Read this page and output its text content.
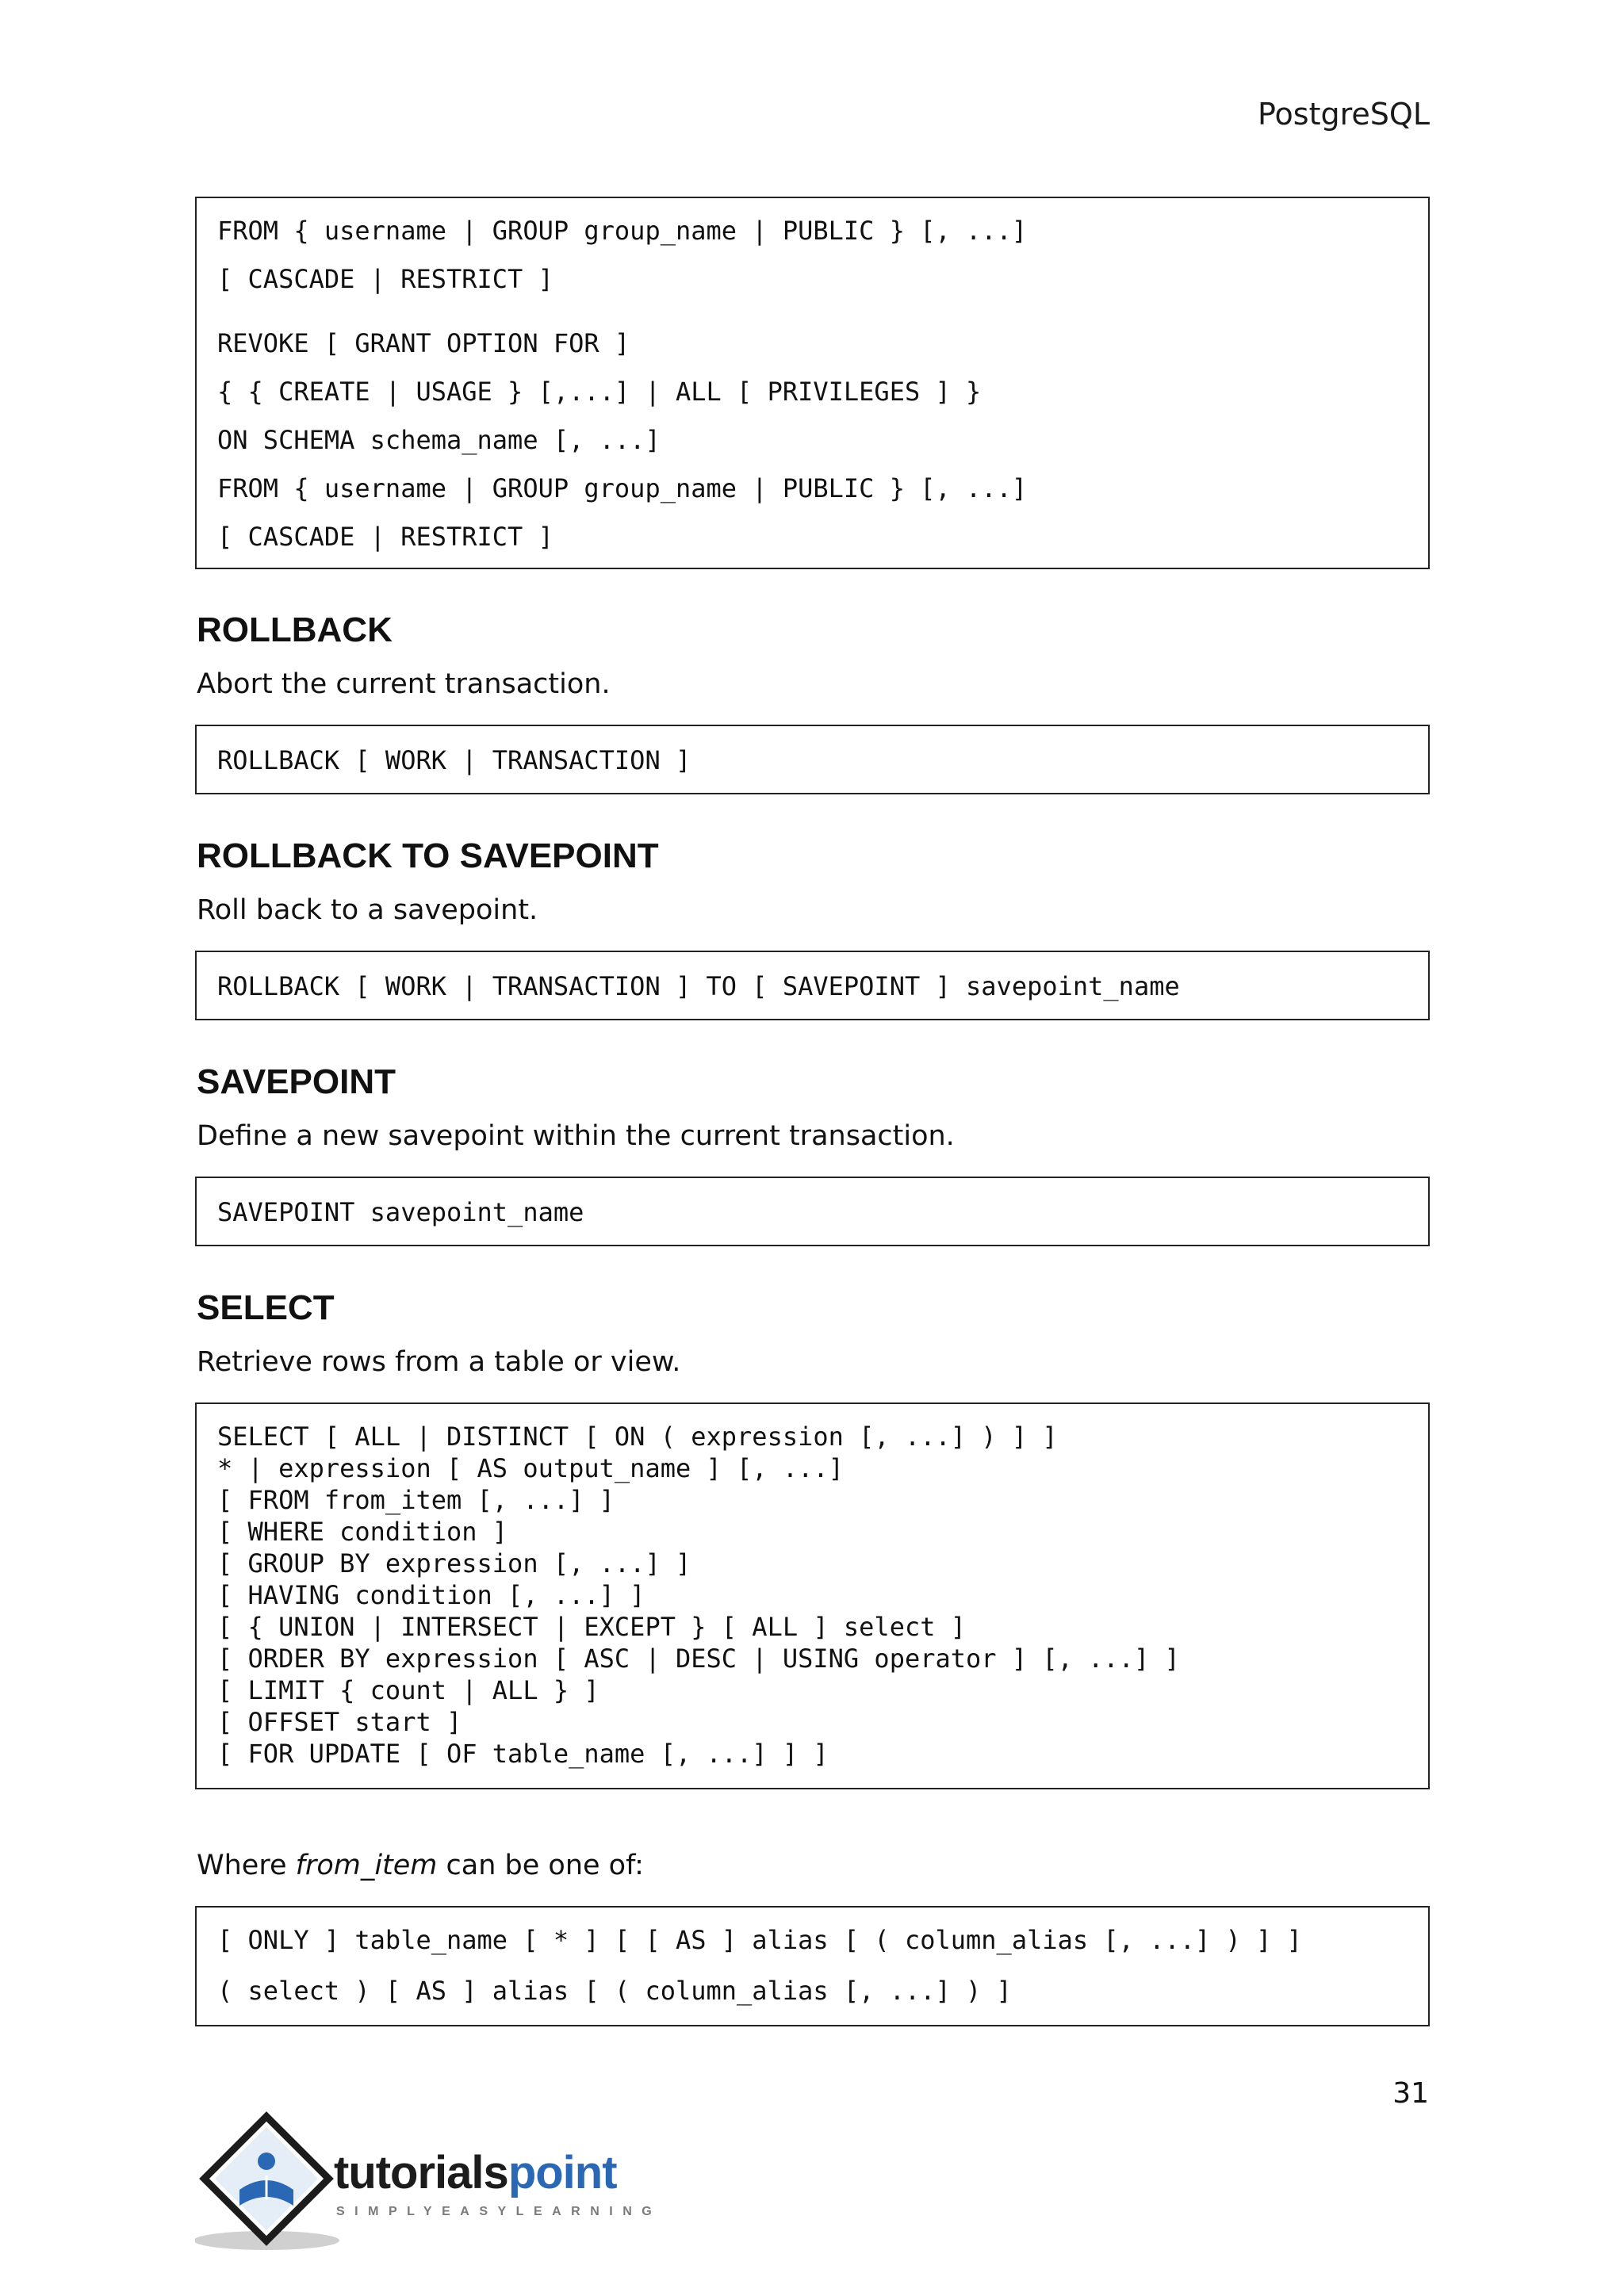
PostgreSQL
FROM { username | GROUP group_name | PUBLIC } [, ...]
[ CASCADE | RESTRICT ]
REVOKE [ GRANT OPTION FOR ]
{ { CREATE | USAGE } [,...] | ALL [ PRIVILEGES ] }
ON SCHEMA schema_name [, ...]
FROM { username | GROUP group_name | PUBLIC } [, ...]
[ CASCADE | RESTRICT ]
ROLLBACK
Abort the current transaction.
ROLLBACK [ WORK | TRANSACTION ]
ROLLBACK TO SAVEPOINT
Roll back to a savepoint.
ROLLBACK [ WORK | TRANSACTION ] TO [ SAVEPOINT ] savepoint_name
SAVEPOINT
Define a new savepoint within the current transaction.
SAVEPOINT savepoint_name
SELECT
Retrieve rows from a table or view.
SELECT [ ALL | DISTINCT [ ON ( expression [, ...] ) ] ]
* | expression [ AS output_name ] [, ...]
[ FROM from_item [, ...] ]
[ WHERE condition ]
[ GROUP BY expression [, ...] ]
[ HAVING condition [, ...] ]
[ { UNION | INTERSECT | EXCEPT } [ ALL ] select ]
[ ORDER BY expression [ ASC | DESC | USING operator ] [, ...] ]
[ LIMIT { count | ALL } ]
[ OFFSET start ]
[ FOR UPDATE [ OF table_name [, ...] ] ]
Where from_item can be one of:
[ ONLY ] table_name [ * ] [ [ AS ] alias [ ( column_alias [, ...] ) ] ]
( select ) [ AS ] alias [ ( column_alias [, ...] ) ]
31
tutorialspoint
SIMPLYEASYLEARNING
